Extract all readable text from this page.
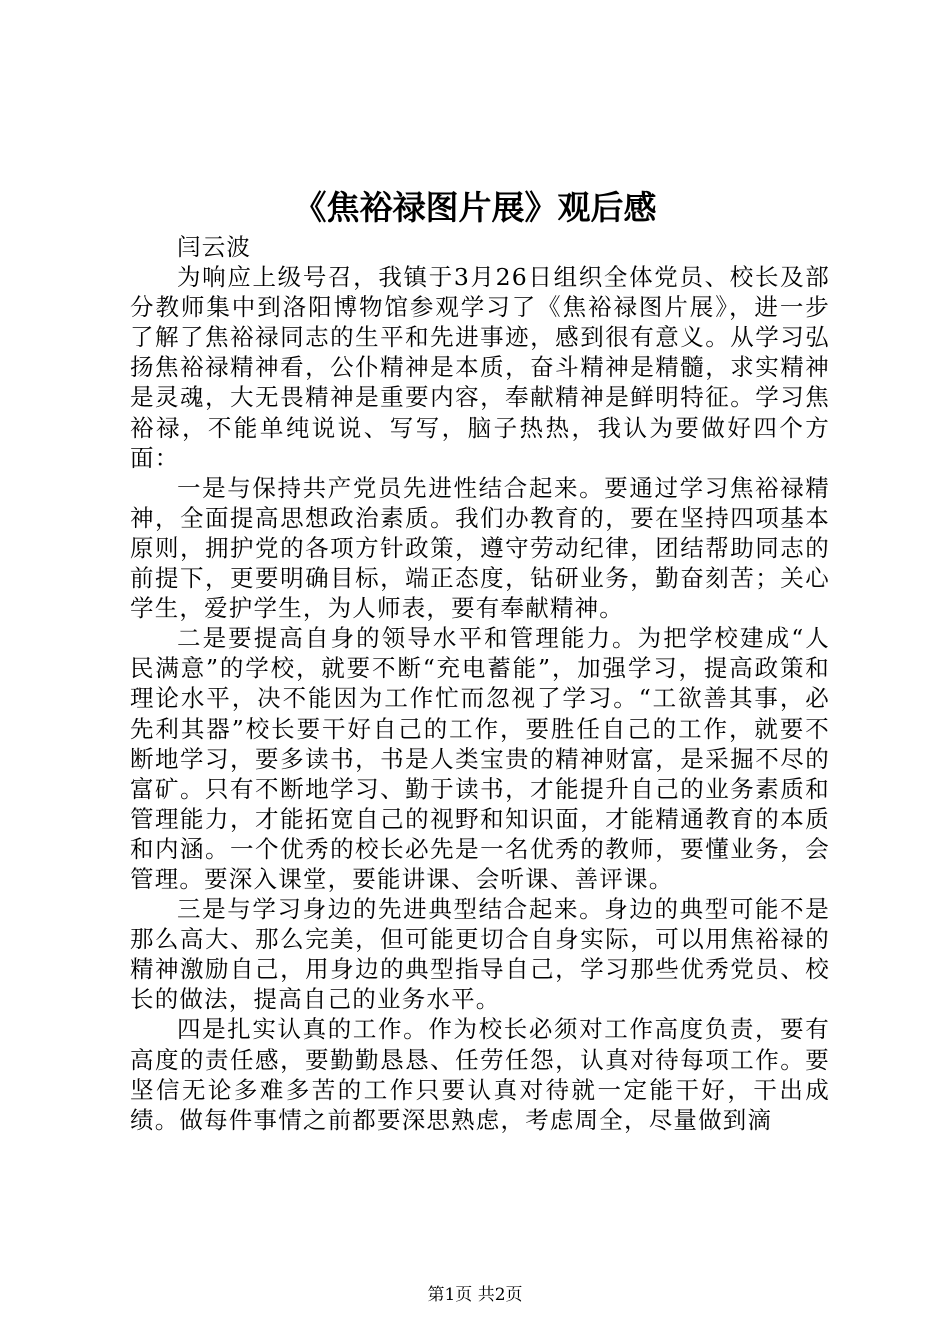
《焦裕禄图片展》观后感

闫云波

为响应上级号召，我镇于3月26日组织全体党员、校长及部分教师集中到洛阳博物馆参观学习了《焦裕禄图片展》，进一步了解了焦裕禄同志的生平和先进事迹，感到很有意义。从学习弘扬焦裕禄精神看，公仆精神是本质，奋斗精神是精髓，求实精神是灵魂，大无畏精神是重要内容，奉献精神是鲜明特征。学习焦裕禄，不能单纯说说、写写，脑子热热，我认为要做好四个方面：

一是与保持共产党员先进性结合起来。要通过学习焦裕禄精神，全面提高思想政治素质。我们办教育的，要在坚持四项基本原则，拥护党的各项方针政策，遵守劳动纪律，团结帮助同志的前提下，更要明确目标，端正态度，钻研业务，勤奋刻苦；关心学生，爱护学生，为人师表，要有奉献精神。

二是要提高自身的领导水平和管理能力。为把学校建成“人民满意”的学校，就要不断“充电蓄能”，加强学习，提高政策和理论水平，决不能因为工作忙而忽视了学习。“工欲善其事，必先利其器”校长要干好自己的工作，要胜任自己的工作，就要不断地学习，要多读书，书是人类宝贵的精神财富，是采掘不尽的富矿。只有不断地学习、勤于读书，才能提升自己的业务素质和管理能力，才能拓宽自己的视野和知识面，才能精通教育的本质和内涵。一个优秀的校长必先是一名优秀的教师，要懂业务，会管理。要深入课堂，要能讲课、会听课、善评课。

三是与学习身边的先进典型结合起来。身边的典型可能不是那么高大、那么完美，但可能更切合自身实际，可以用焦裕禄的精神激励自己，用身边的典型指导自己，学习那些优秀党员、校长的做法，提高自己的业务水平。

四是扎实认真的工作。作为校长必须对工作高度负责，要有高度的责任感，要勤勤恳恳、任劳任怨，认真对待每项工作。要坚信无论多难多苦的工作只要认真对待就一定能干好，干出成绩。做每件事情之前都要深思熟虑，考虑周全，尽量做到滴

第1页 共2页
